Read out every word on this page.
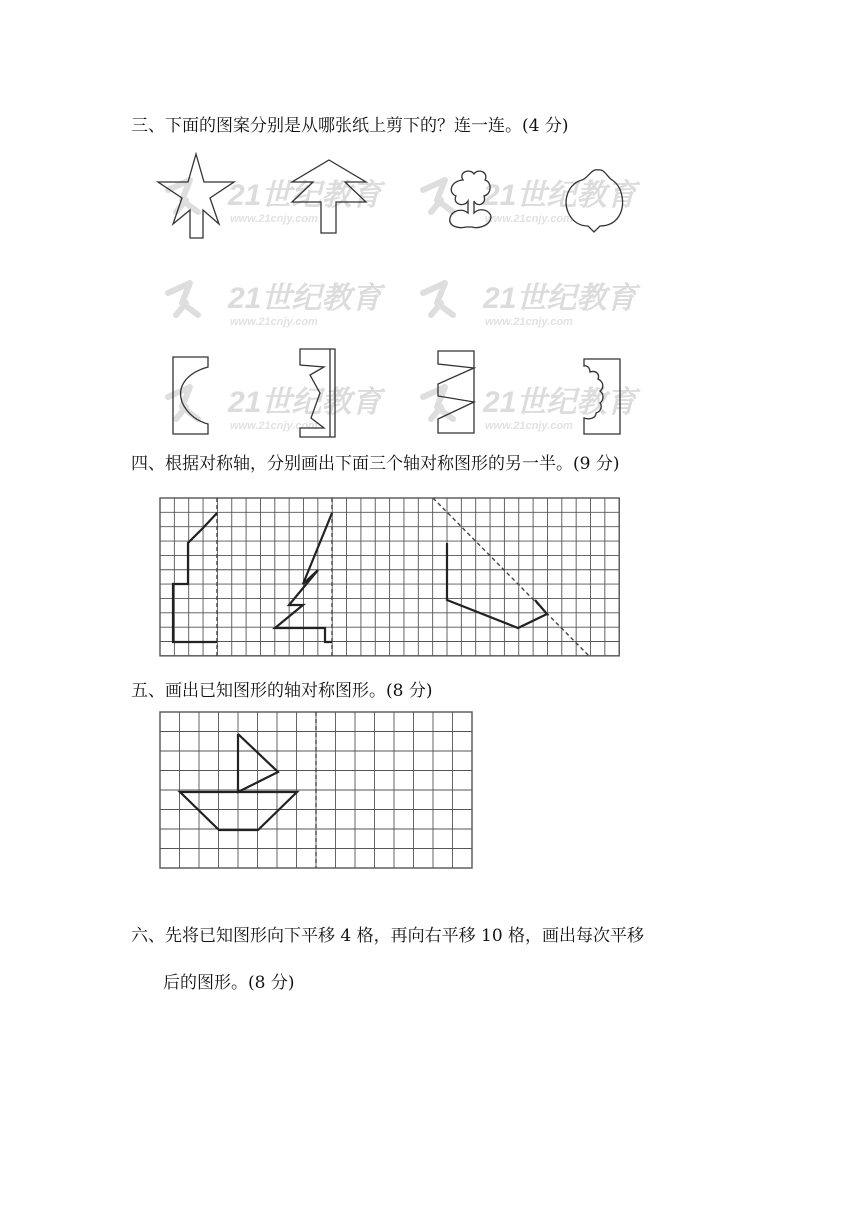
三、下面的图案分别是从哪张纸上剪下的？连一连。(4 分)

四、根据对称轴，分别画出下面三个轴对称图形的另一半。(9 分)

五、画出已知图形的轴对称图形。(8 分)

六、先将已知图形向下平移 4 格，再向右平移 10 格，画出每次平移

后的图形。(8 分)

21世纪教育	21世纪教育
21世纪教育	21世纪教育
21世纪教育	21世纪教育
www.21cnjy.com	www.21cnjy.com
www.21cnjy.com	www.21cnjy.com
www.21cnjy.com	www.21cnjy.com
